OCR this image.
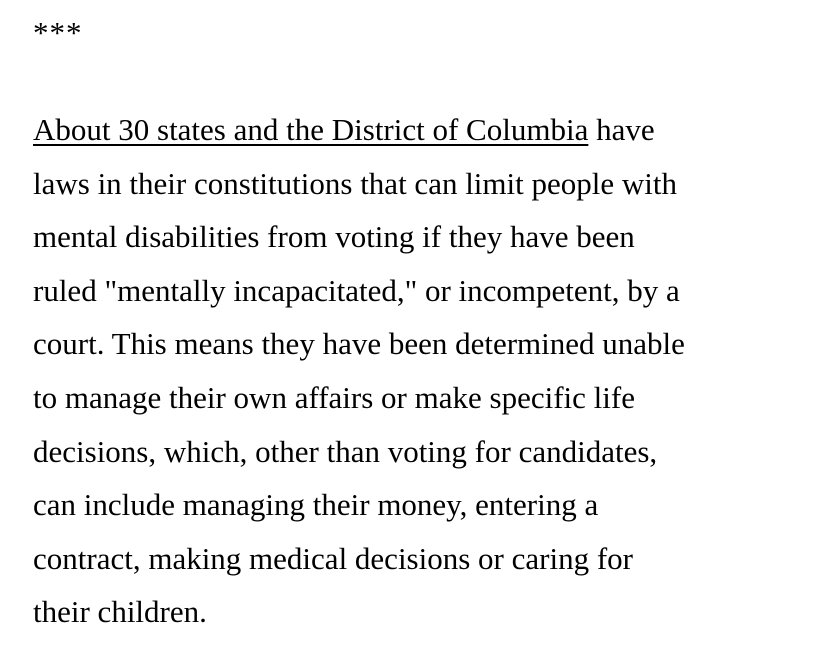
***

About 30 states and the District of Columbia have
laws in their constitutions that can limit people with
mental disabilities from voting if they have been
ruled "mentally incapacitated," or incompetent, by a
court. This means they have been determined unable
to manage their own affairs or make specific life
decisions, which, other than voting for candidates,
can include managing their money, entering a
contract, making medical decisions or caring for
their children.
